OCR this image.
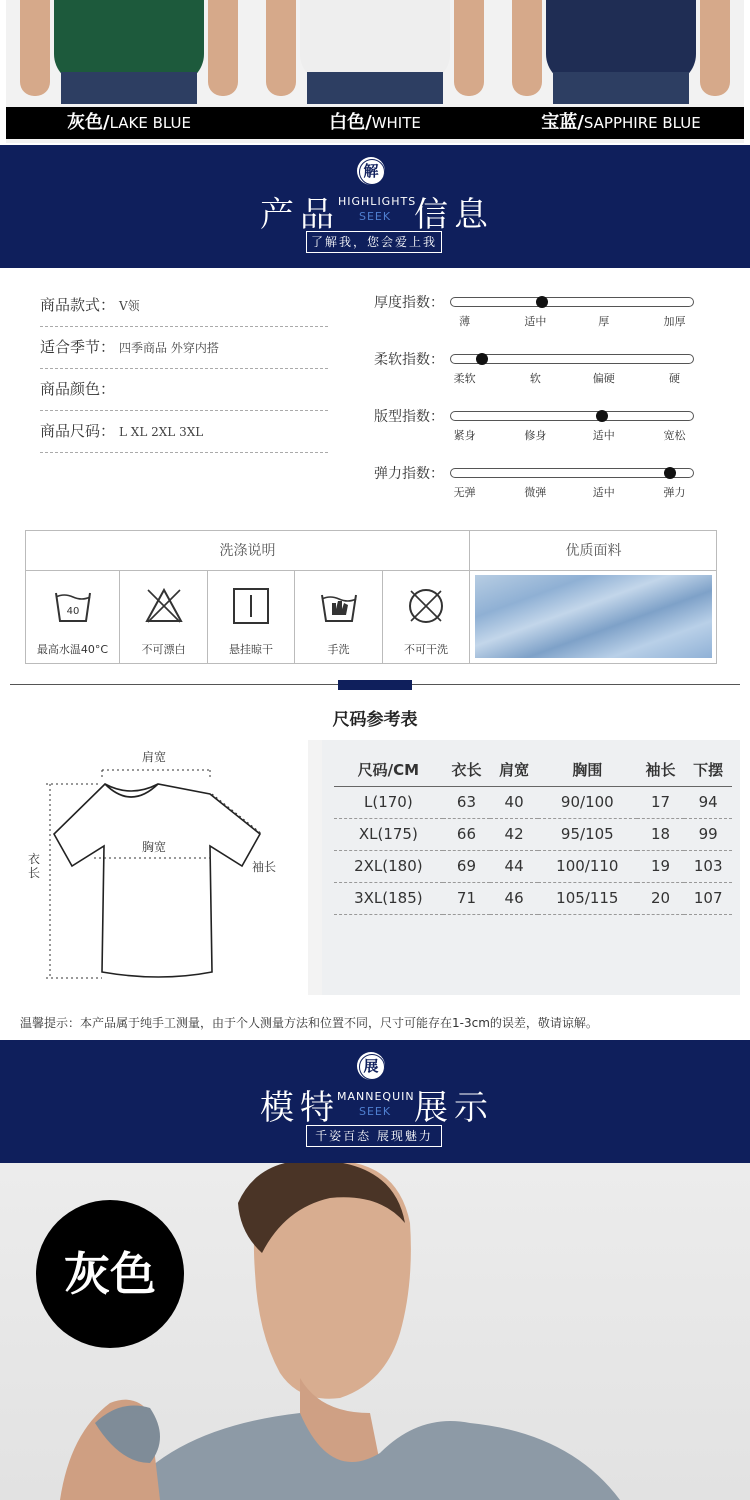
灰色/LAKE BLUE	白色/WHITE	宝蓝/SAPPHIRE BLUE
解
产品
HIGHLIGHTS
SEEK 信息
了解我，您会爱上我
商品款式： V领
适合季节： 四季商品 外穿内搭
商品颜色：
商品尺码： L XL 2XL 3XL
厚度指数：
薄	适中	厚	加厚
柔软指数：
柔软	软	偏硬	硬
版型指数：
紧身	修身	适中	宽松
弹力指数：
无弹	微弹	适中	弹力
洗涤说明	优质面料
40
最高水温40°C	不可漂白	悬挂晾干	手洗	不可干洗
尺码参考表
肩宽
胸宽
衣长	袖长
尺码/CM	衣长	肩宽	胸围	袖长	下摆
L(170)	63	40	90/100	17	94
XL(175)	66	42	95/105	18	99
2XL(180)	69	44	100/110	19	103
3XL(185)	71	46	105/115	20	107
温馨提示：本产品属于纯手工测量，由于个人测量方法和位置不同，尺寸可能存在1-3cm的误差，敬请谅解。
展
模特
MANNEQUIN
SEEK 展示
千姿百态 展现魅力
灰色
